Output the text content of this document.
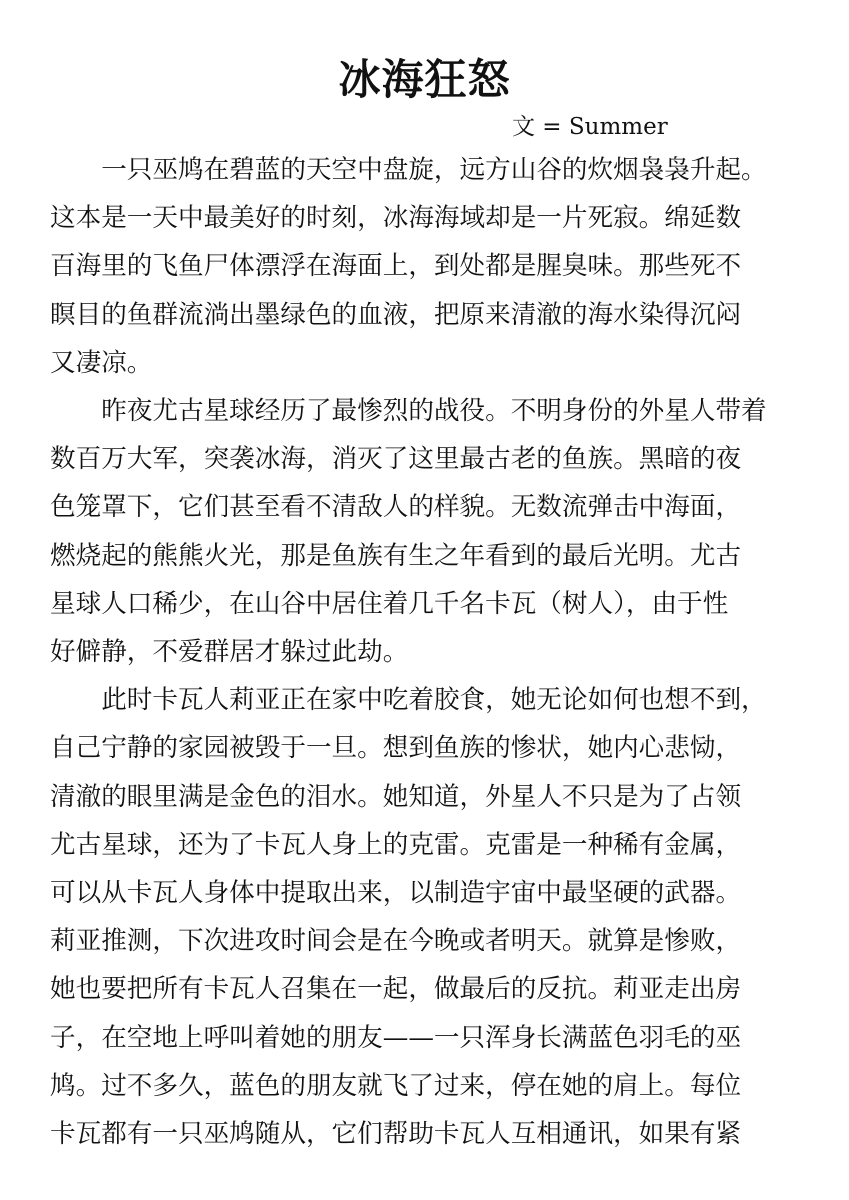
冰海狂怒
文 = Summer
　　一只巫鸠在碧蓝的天空中盘旋，远方山谷的炊烟袅袅升起。
这本是一天中最美好的时刻，冰海海域却是一片死寂。绵延数
百海里的飞鱼尸体漂浮在海面上，到处都是腥臭味。那些死不
瞑目的鱼群流淌出墨绿色的血液，把原来清澈的海水染得沉闷
又凄凉。
　　昨夜尤古星球经历了最惨烈的战役。不明身份的外星人带着
数百万大军，突袭冰海，消灭了这里最古老的鱼族。黑暗的夜
色笼罩下，它们甚至看不清敌人的样貌。无数流弹击中海面，
燃烧起的熊熊火光，那是鱼族有生之年看到的最后光明。尤古
星球人口稀少，在山谷中居住着几千名卡瓦（树人），由于性
好僻静，不爱群居才躲过此劫。
　　此时卡瓦人莉亚正在家中吃着胶食，她无论如何也想不到，
自己宁静的家园被毁于一旦。想到鱼族的惨状，她内心悲恸，
清澈的眼里满是金色的泪水。她知道，外星人不只是为了占领
尤古星球，还为了卡瓦人身上的克雷。克雷是一种稀有金属，
可以从卡瓦人身体中提取出来，以制造宇宙中最坚硬的武器。
莉亚推测，下次进攻时间会是在今晚或者明天。就算是惨败，
她也要把所有卡瓦人召集在一起，做最后的反抗。莉亚走出房
子，在空地上呼叫着她的朋友——一只浑身长满蓝色羽毛的巫
鸠。过不多久，蓝色的朋友就飞了过来，停在她的肩上。每位
卡瓦都有一只巫鸠随从，它们帮助卡瓦人互相通讯，如果有紧
